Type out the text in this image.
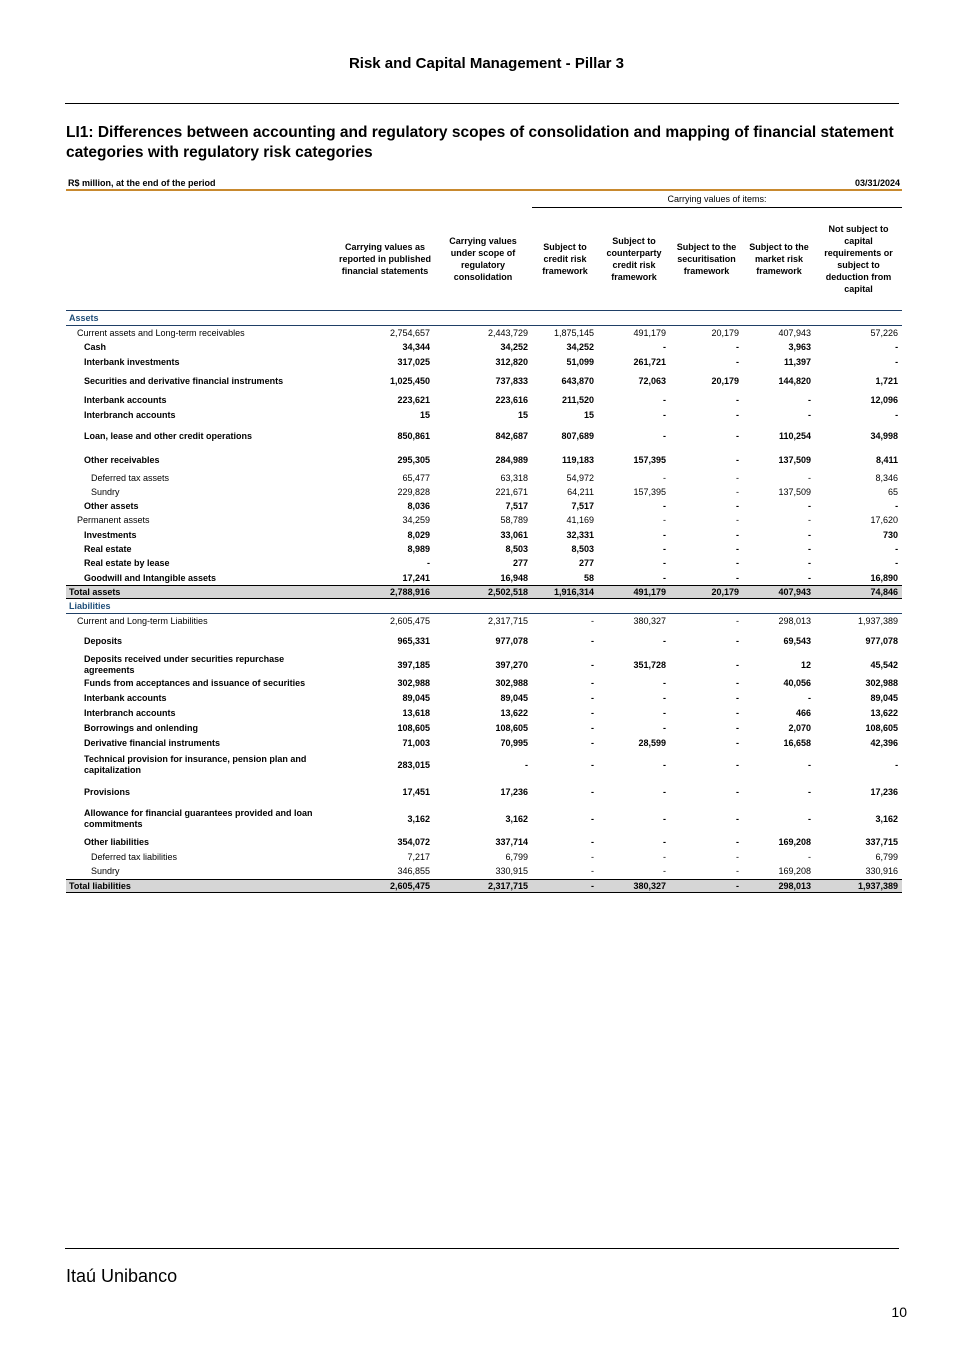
Risk and Capital Management - Pillar 3
LI1: Differences between accounting and regulatory scopes of consolidation and mapping of financial statement categories with regulatory risk categories
R$ million, at the end of the period				03/31/2024			
			Carrying values of items:				
	Carrying values as reported in published financial statements	Carrying values under scope of regulatory consolidation	Subject to credit risk framework	Subject to counterparty credit risk framework	Subject to the securitisation framework	Subject to the market risk framework	Not subject to capital requirements or subject to deduction from capital
Assets							
Current assets and Long-term receivables	2,754,657	2,443,729	1,875,145	491,179	20,179	407,943	57,226
Cash	34,344	34,252	34,252	-	-	3,963	-
Interbank investments	317,025	312,820	51,099	261,721	-	11,397	-
Securities and derivative financial instruments	1,025,450	737,833	643,870	72,063	20,179	144,820	1,721
Interbank accounts	223,621	223,616	211,520	-	-	-	12,096
Interbranch accounts	15	15	15	-	-	-	-
Loan, lease and other credit operations	850,861	842,687	807,689	-	-	110,254	34,998
Other receivables	295,305	284,989	119,183	157,395	-	137,509	8,411
Deferred tax assets	65,477	63,318	54,972	-	-	-	8,346
Sundry	229,828	221,671	64,211	157,395	-	137,509	65
Other assets	8,036	7,517	7,517	-	-	-	-
Permanent assets	34,259	58,789	41,169	-	-	-	17,620
Investments	8,029	33,061	32,331	-	-	-	730
Real estate	8,989	8,503	8,503	-	-	-	-
Real estate by lease	-	277	277	-	-	-	-
Goodwill and Intangible assets	17,241	16,948	58	-	-	-	16,890
Total assets	2,788,916	2,502,518	1,916,314	491,179	20,179	407,943	74,846
Liabilities							
Current and Long-term Liabilities	2,605,475	2,317,715	-	380,327	-	298,013	1,937,389
Deposits	965,331	977,078	-	-	-	69,543	977,078

Deposits received under securities repurchase agreements	397,185	397,270	-	351,728	-	12	45,542
Funds from acceptances and issuance of securities	302,988	302,988	-	-	-	40,056	302,988
Interbank accounts	89,045	89,045	-	-	-	-	89,045
Interbranch accounts	13,618	13,622	-	-	-	466	13,622
Borrowings and onlending	108,605	108,605	-	-	-	2,070	108,605
Derivative financial instruments	71,003	70,995	-	28,599	-	16,658	42,396

Technical provision for insurance, pension plan and capitalization	283,015	-	-	-	-	-	-
Provisions	17,451	17,236	-	-	-	-	17,236

Allowance for financial guarantees provided and loan commitments	3,162	3,162	-	-	-	-	3,162
Other liabilities	354,072	337,714	-	-	-	169,208	337,715
Deferred tax liabilities	7,217	6,799	-	-	-	-	6,799
Sundry	346,855	330,915	-	-	-	169,208	330,916
Total liabilities	2,605,475	2,317,715	-	380,327	-	298,013	1,937,389
Itaú Unibanco
10
